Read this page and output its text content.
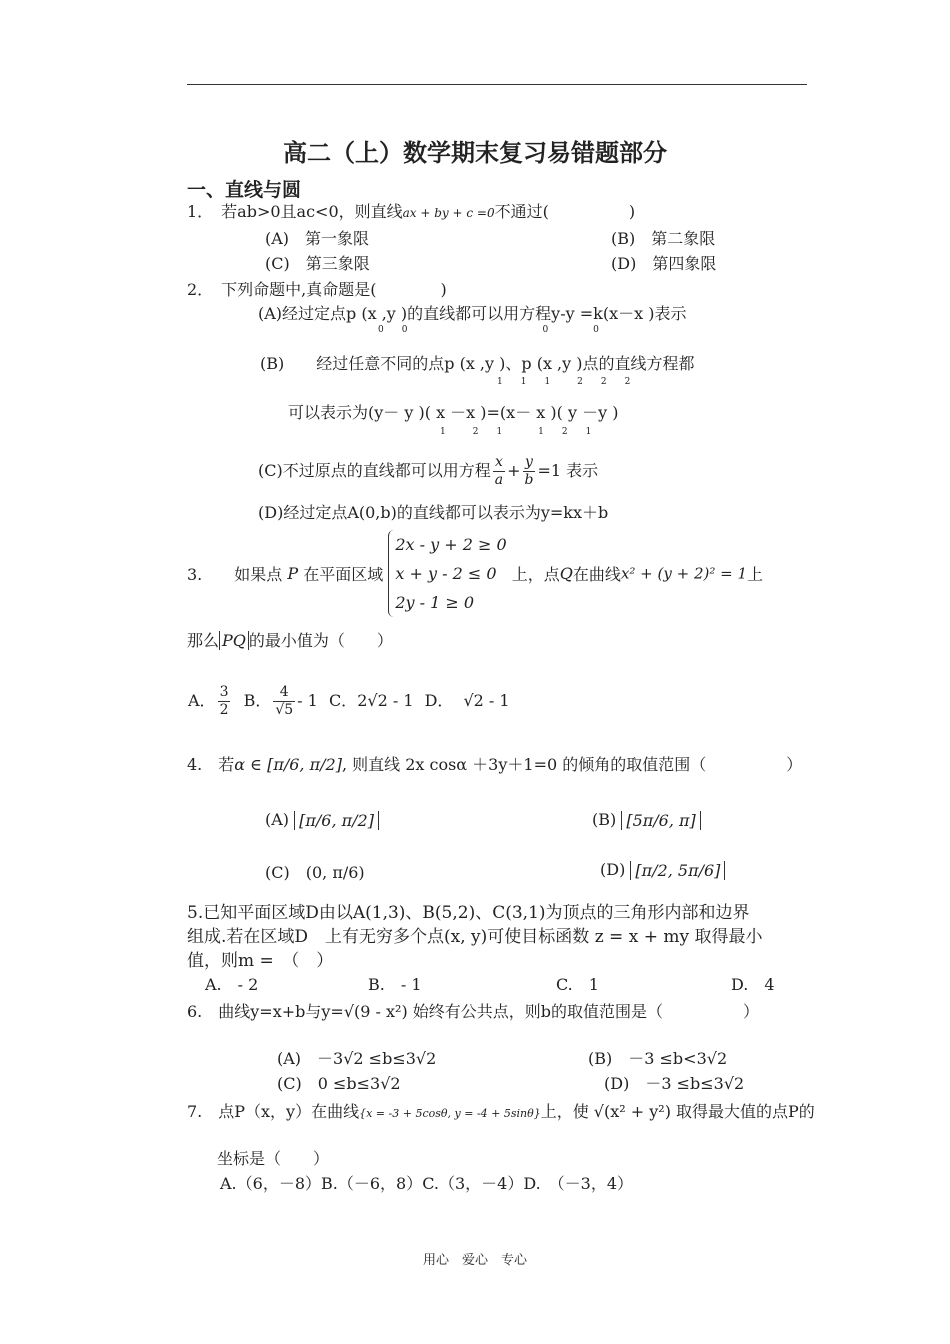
高二（上）数学期末复习易错题部分
一、直线与圆
1．　若ab>0且ac<0，则直线ax + by + c =0不通过(　　　　　)
(A)　第一象限	(B)　第二象限
(C)　第三象限	(D)　第四象限
2．　下列命题中,真命题是(　　　　)
(A)经过定点p (x ,y )的直线都可以用方程y-y =k(x－x )表示
0　　0　　　　　　　　　　　　　　　0　　　　　0
(B)　　经过任意不同的点p (x ,y )、p (x ,y )点的直线方程都
1　　1　　1　　　2　　2　　2
可以表示为(y－ y )( x －x )=(x－ x )( y －y )
1　　　2　　1　　　　1　　2　　1
(C)不过原点的直线都可以用方程 $\frac{x}{a} + \frac{y}{b} =1$ 表示
(D)经过定点A(0,b)的直线都可以表示为y=kx＋b
3.　　如果点 P 在平面区域
2x - y + 2 ≥ 0
x + y - 2 ≤ 0
2y - 1 ≥ 0
上，点Q在曲线x² + (y + 2)² = 1上
那么 PQ 的最小值为（　　）
A． $\frac{3}{2}$ B． $\frac{4}{√5} - 1$ C．2√2 - 1 D． √2 - 1
4.　若α ∈ [π/6, π/2], 则直线 2x cosα ＋3y＋1=0 的倾角的取值范围（　　　　　）
(A) [π/6, π/2]	(B) [5π/6, π]
(C)　(0, π/6)	(D) [π/2, 5π/6]
5.已知平面区域D由以A(1,3)、B(5,2)、C(3,1)为顶点的三角形内部和边界
组成.若在区域D　上有无穷多个点(x, y)可使目标函数 z = x + my 取得最小
值，则m =　（　）
A.　- 2	B.　- 1	C.　1	D.　4
6.　曲线y=x+b与y=√(9 - x²) 始终有公共点，则b的取值范围是（　　　　　）
(A)　－3√2 ≤b≤3√2	(B)　－3 ≤b<3√2
(C)　0 ≤b≤3√2	(D)　－3 ≤b≤3√2
7.　点P（x，y）在曲线{x = -3 + 5cosθ, y = -4 + 5sinθ}上，使 √(x² + y²) 取得最大值的点P的
坐标是（　　）
A.（6，－8）B.（－6，8）C.（3，－4）D.　（－3，4）
用心　爱心　专心
